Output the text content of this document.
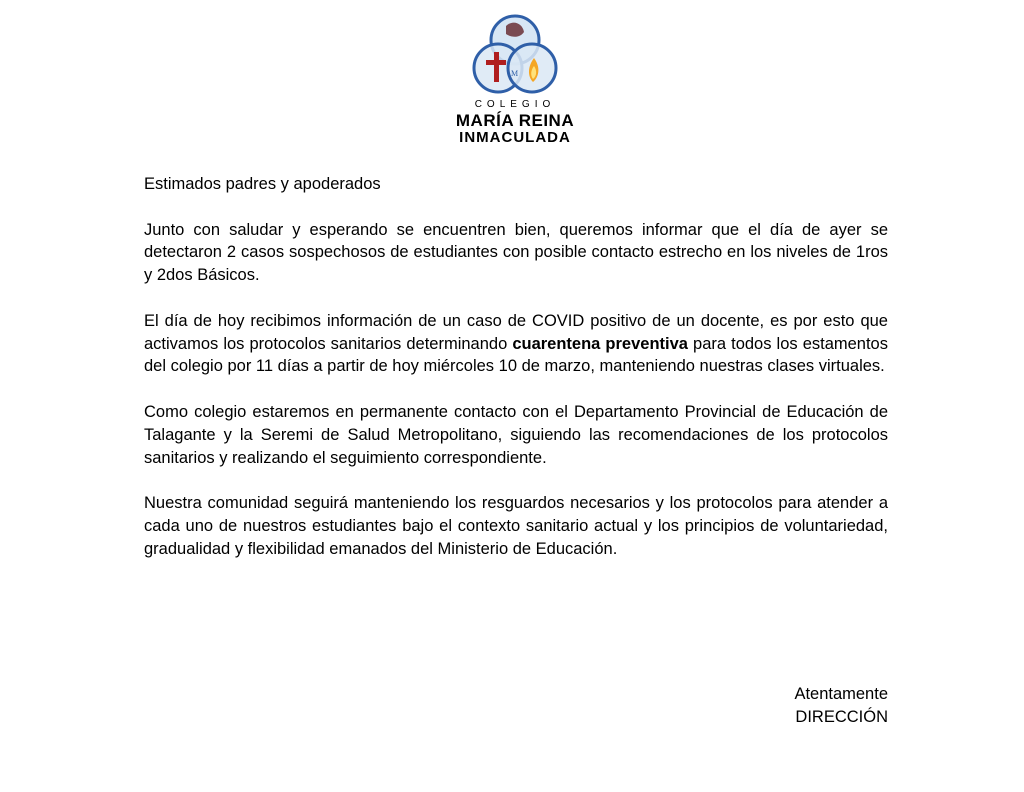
M
COLEGIO
MARÍA REINA
INMACULADA

Estimados padres y apoderados

Junto con saludar y esperando se encuentren bien, queremos informar que el día de ayer se detectaron 2 casos sospechosos de estudiantes con posible contacto estrecho en los niveles de 1ros y 2dos Básicos.

El día de hoy recibimos información de un caso de COVID positivo de un docente, es por esto que activamos los protocolos sanitarios determinando cuarentena preventiva para todos los estamentos del colegio por 11 días a partir de hoy miércoles 10 de marzo, manteniendo nuestras clases virtuales.

Como colegio estaremos en permanente contacto con el Departamento Provincial de Educación de Talagante y la Seremi de Salud Metropolitano, siguiendo las recomendaciones de los protocolos sanitarios y realizando el seguimiento correspondiente.

Nuestra comunidad seguirá manteniendo los resguardos necesarios y los protocolos para atender a cada uno de nuestros estudiantes bajo el contexto sanitario actual y los principios de voluntariedad, gradualidad y flexibilidad emanados del Ministerio de Educación.

Atentamente
DIRECCIÓN
